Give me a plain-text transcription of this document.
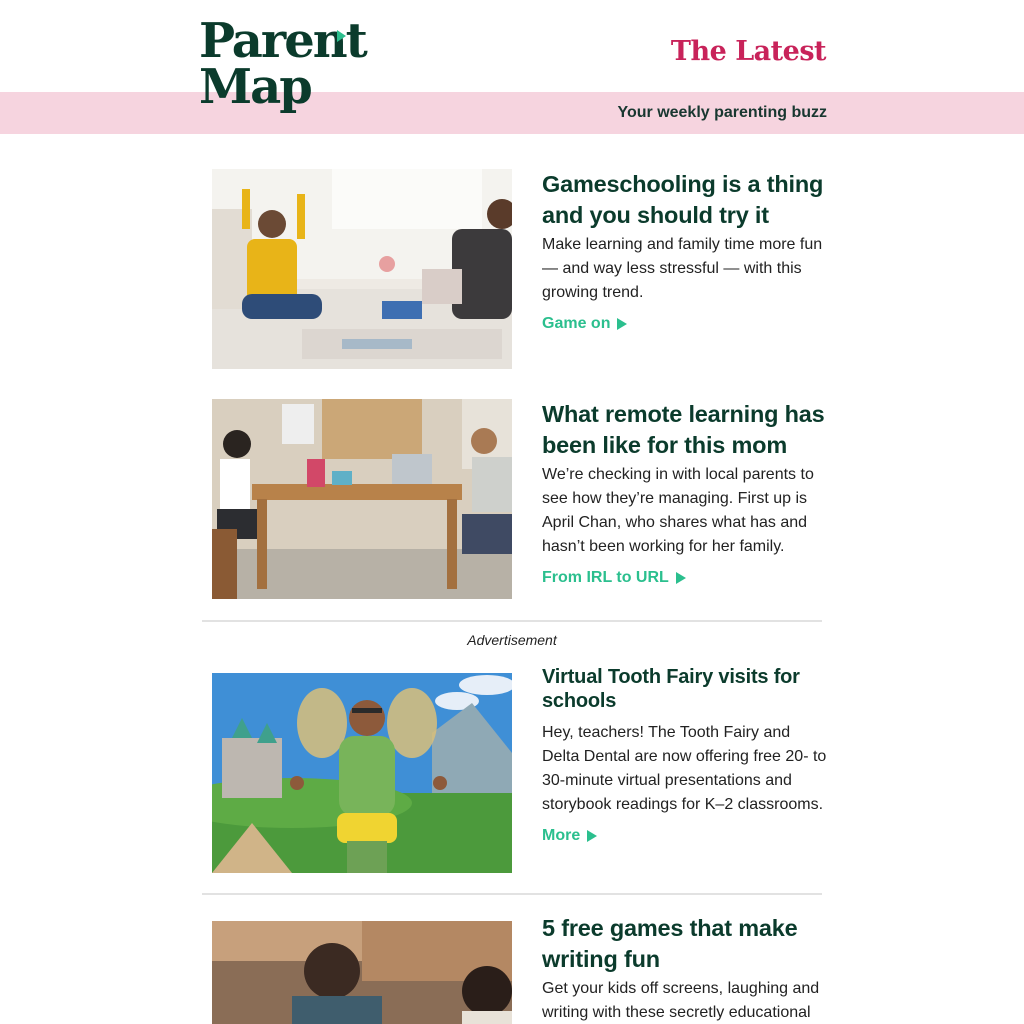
Parent
Map
The Latest
Your weekly parenting buzz
Gameschooling is a thing and you should try it
Make learning and family time more fun — and way less stressful — with this growing trend.
Game on
What remote learning has been like for this mom
We’re checking in with local parents to see how they’re managing. First up is April Chan, who shares what has and hasn’t been working for her family.
From IRL to URL
Advertisement
Virtual Tooth Fairy visits for schools
Hey, teachers! The Tooth Fairy and Delta Dental are now offering free 20- to 30-minute virtual presentations and storybook readings for K–2 classrooms.
More
5 free games that make writing fun
Get your kids off screens, laughing and writing with these secretly educational
